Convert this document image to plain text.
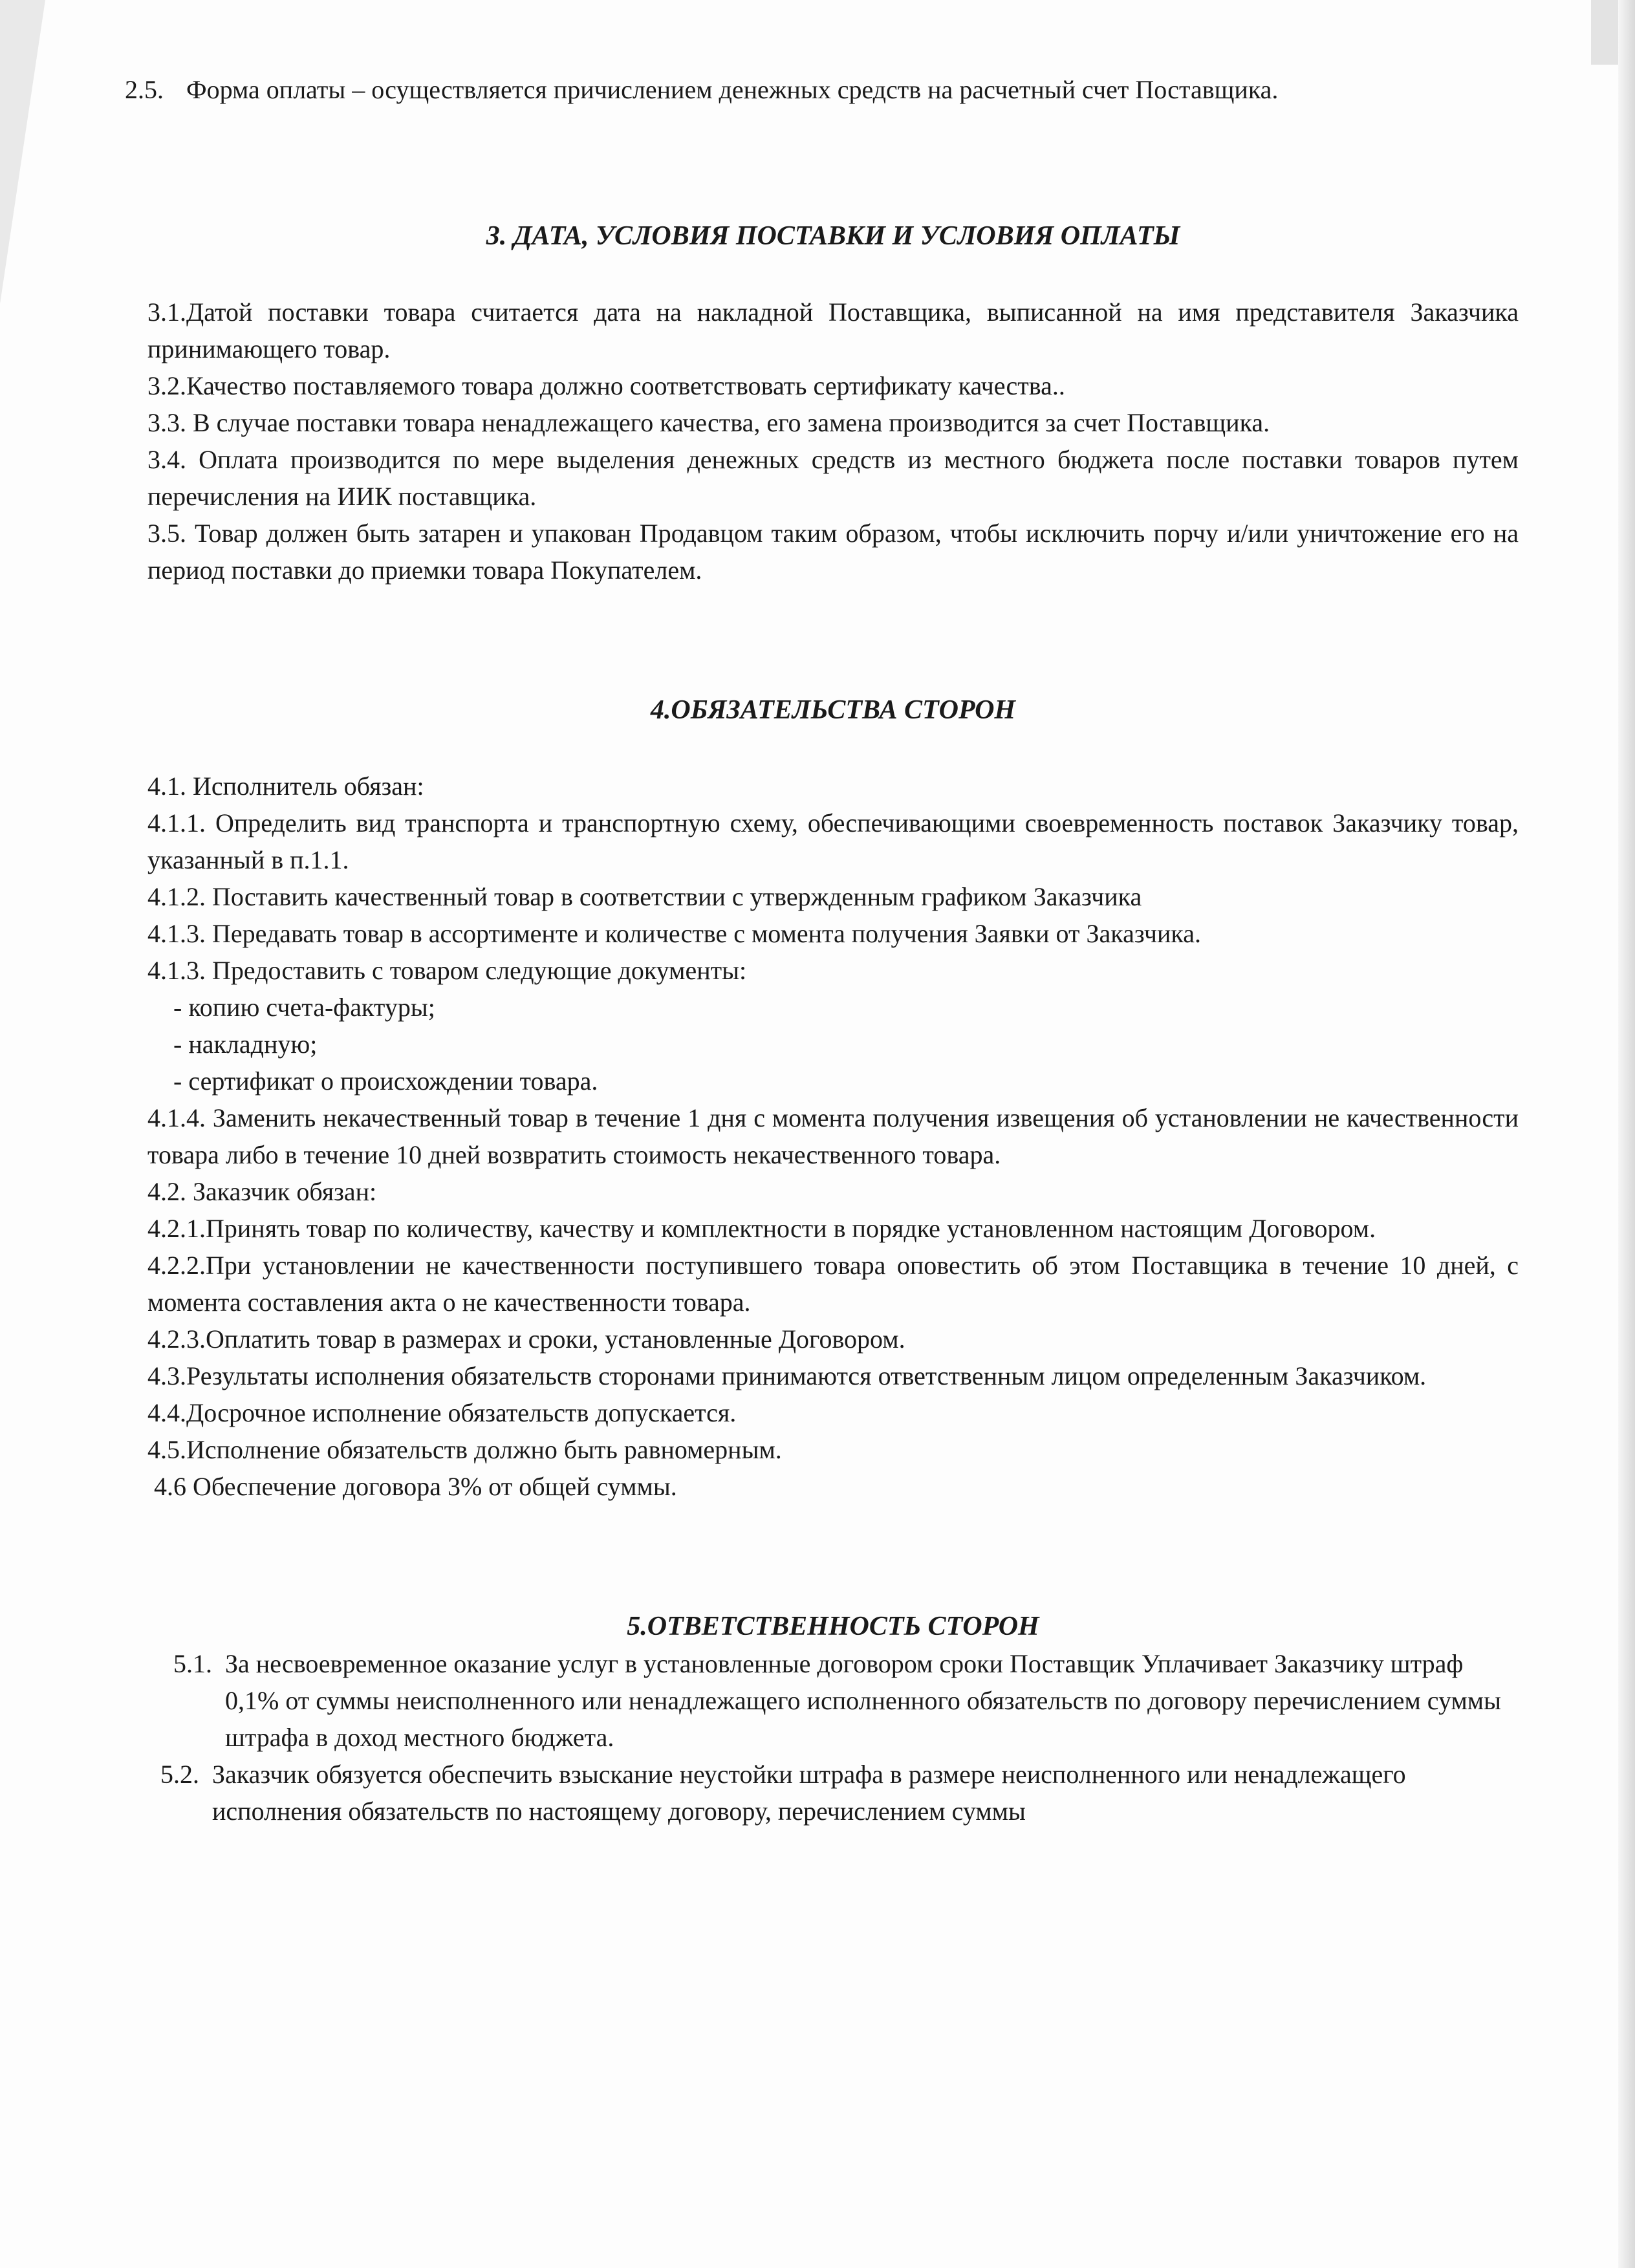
2.5. Форма оплаты – осуществляется причислением денежных средств на расчетный счет Поставщика.

3. ДАТА, УСЛОВИЯ ПОСТАВКИ И УСЛОВИЯ ОПЛАТЫ

3.1.Датой поставки товара считается дата на накладной Поставщика, выписанной на имя представителя Заказчика принимающего товар.

3.2.Качество поставляемого товара должно соответствовать сертификату качества..

3.3. В случае поставки товара ненадлежащего качества, его замена производится за счет Поставщика.

3.4. Оплата производится по мере выделения денежных средств из местного бюджета после поставки товаров путем перечисления на ИИК поставщика.

3.5. Товар должен быть затарен и упакован Продавцом таким образом, чтобы исключить порчу и/или уничтожение его на период поставки до приемки товара Покупателем.

4.ОБЯЗАТЕЛЬСТВА СТОРОН

4.1. Исполнитель обязан:

4.1.1. Определить вид транспорта и транспортную схему, обеспечивающими своевременность поставок Заказчику товар, указанный в п.1.1.

4.1.2. Поставить качественный товар в соответствии с утвержденным графиком Заказчика

4.1.3. Передавать товар в ассортименте и количестве с момента получения Заявки от Заказчика.

4.1.3. Предоставить с товаром следующие документы:

- копию счета-фактуры;

- накладную;

- сертификат о происхождении товара.

4.1.4. Заменить некачественный товар в течение 1 дня с момента получения извещения об установлении не качественности товара либо в течение 10 дней возвратить стоимость некачественного товара.

4.2. Заказчик обязан:

4.2.1.Принять товар по количеству, качеству и комплектности в порядке установленном настоящим Договором.

4.2.2.При установлении не качественности поступившего товара оповестить об этом Поставщика в течение 10 дней, с момента составления акта о не качественности товара.

4.2.3.Оплатить товар в размерах и сроки, установленные Договором.

4.3.Результаты исполнения обязательств сторонами принимаются ответственным лицом определенным Заказчиком.

4.4.Досрочное исполнение обязательств допускается.

4.5.Исполнение обязательств должно быть равномерным.

4.6 Обеспечение договора 3% от общей суммы.

5.ОТВЕТСТВЕННОСТЬ СТОРОН

5.1. За несвоевременное оказание услуг в установленные договором сроки Поставщик Уплачивает Заказчику штраф 0,1% от суммы неисполненного или ненадлежащего исполненного обязательств по договору перечислением суммы штрафа в доход местного бюджета.

5.2. Заказчик обязуется обеспечить взыскание неустойки штрафа в размере неисполненного или ненадлежащего исполнения обязательств по настоящему договору, перечислением суммы
